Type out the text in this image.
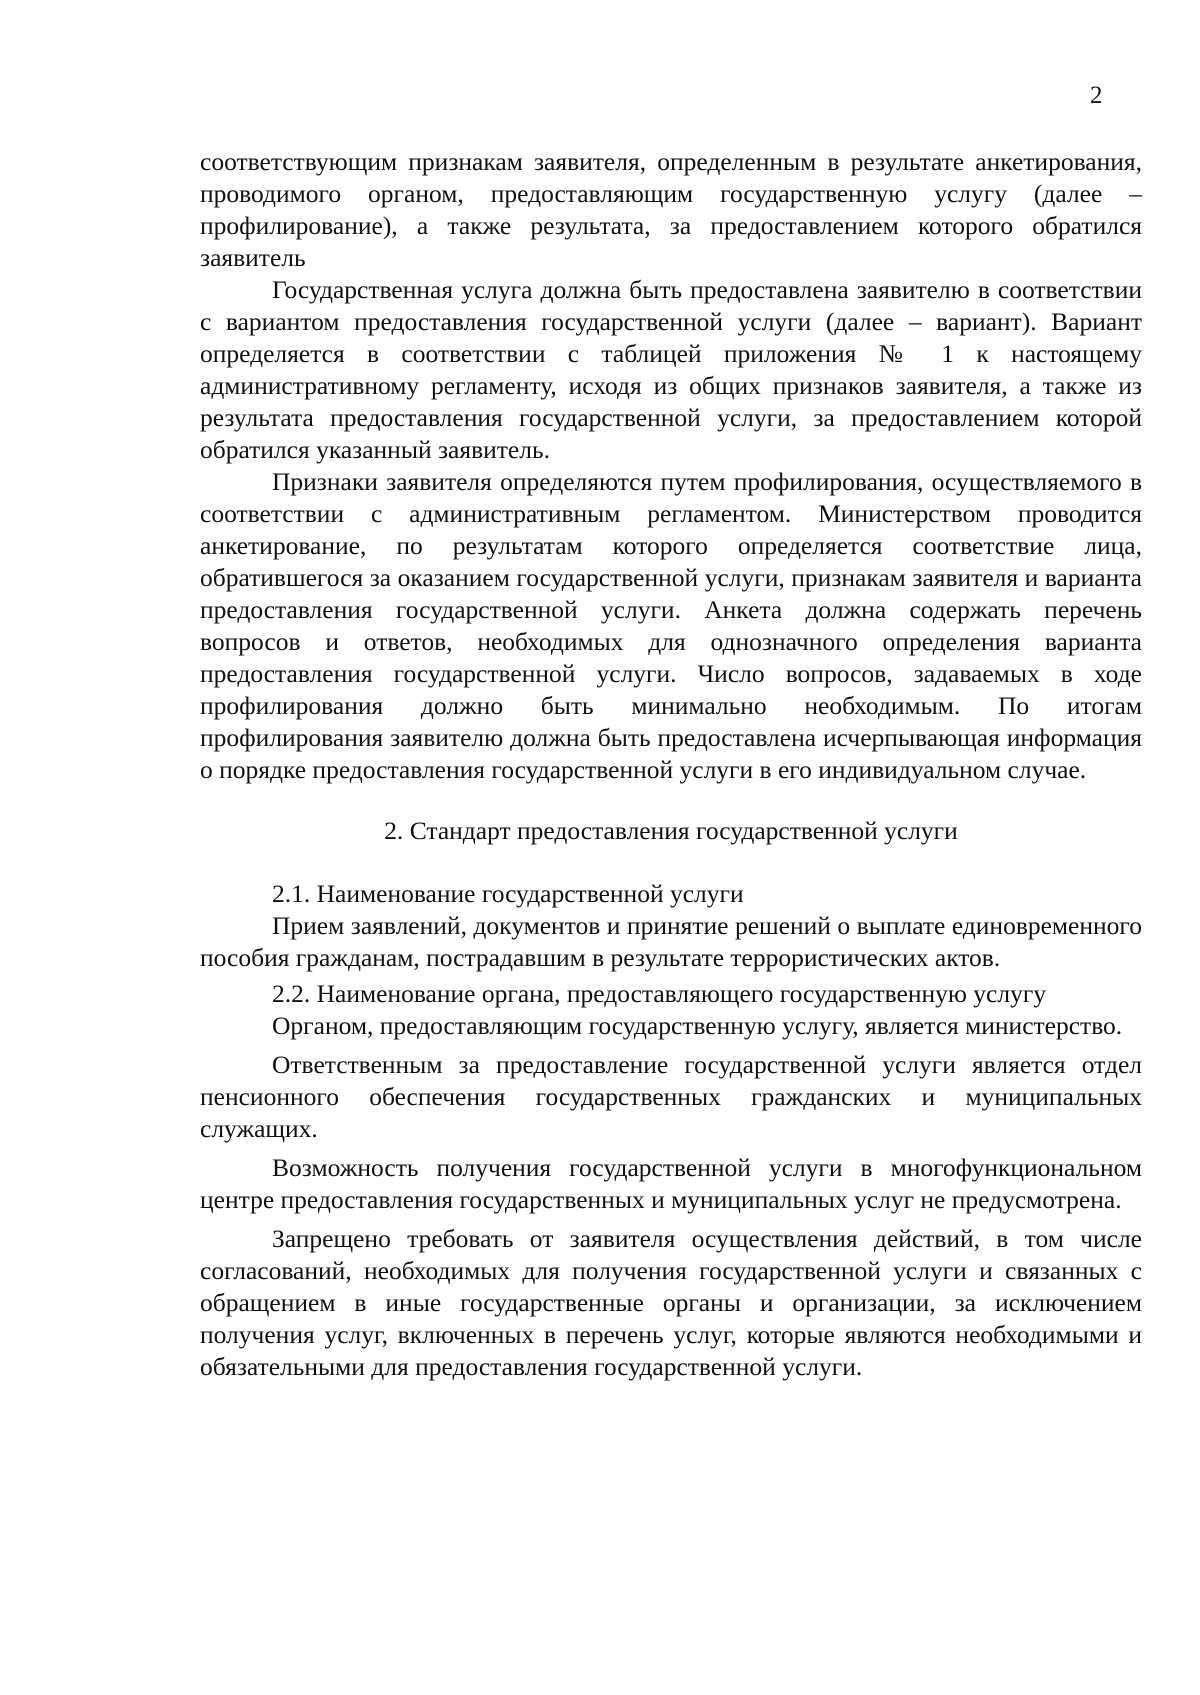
2

соответствующим признакам заявителя, определенным в результате анкетирования, проводимого органом, предоставляющим государственную услугу (далее – профилирование), а также результата, за предоставлением которого обратился заявитель

Государственная услуга должна быть предоставлена заявителю в соответствии с вариантом предоставления государственной услуги (далее – вариант). Вариант определяется в соответствии с таблицей приложения № 1 к настоящему административному регламенту, исходя из общих признаков заявителя, а также из результата предоставления государственной услуги, за предоставлением которой обратился указанный заявитель.

Признаки заявителя определяются путем профилирования, осуществляемого в соответствии с административным регламентом. Министерством проводится анкетирование, по результатам которого определяется соответствие лица, обратившегося за оказанием государственной услуги, признакам заявителя и варианта предоставления государственной услуги. Анкета должна содержать перечень вопросов и ответов, необходимых для однозначного определения варианта предоставления государственной услуги. Число вопросов, задаваемых в ходе профилирования должно быть минимально необходимым. По итогам профилирования заявителю должна быть предоставлена исчерпывающая информация о порядке предоставления государственной услуги в его индивидуальном случае.

2. Стандарт предоставления государственной услуги

2.1. Наименование государственной услуги

Прием заявлений, документов и принятие решений о выплате единовременного пособия гражданам, пострадавшим в результате террористических актов.

2.2. Наименование органа, предоставляющего государственную услугу

Органом, предоставляющим государственную услугу, является министерство.

Ответственным за предоставление государственной услуги является отдел пенсионного обеспечения государственных гражданских и муниципальных служащих.

Возможность получения государственной услуги в многофункциональном центре предоставления государственных и муниципальных услуг не предусмотрена.

Запрещено требовать от заявителя осуществления действий, в том числе согласований, необходимых для получения государственной услуги и связанных с обращением в иные государственные органы и организации, за исключением получения услуг, включенных в перечень услуг, которые являются необходимыми и обязательными для предоставления государственной услуги.
